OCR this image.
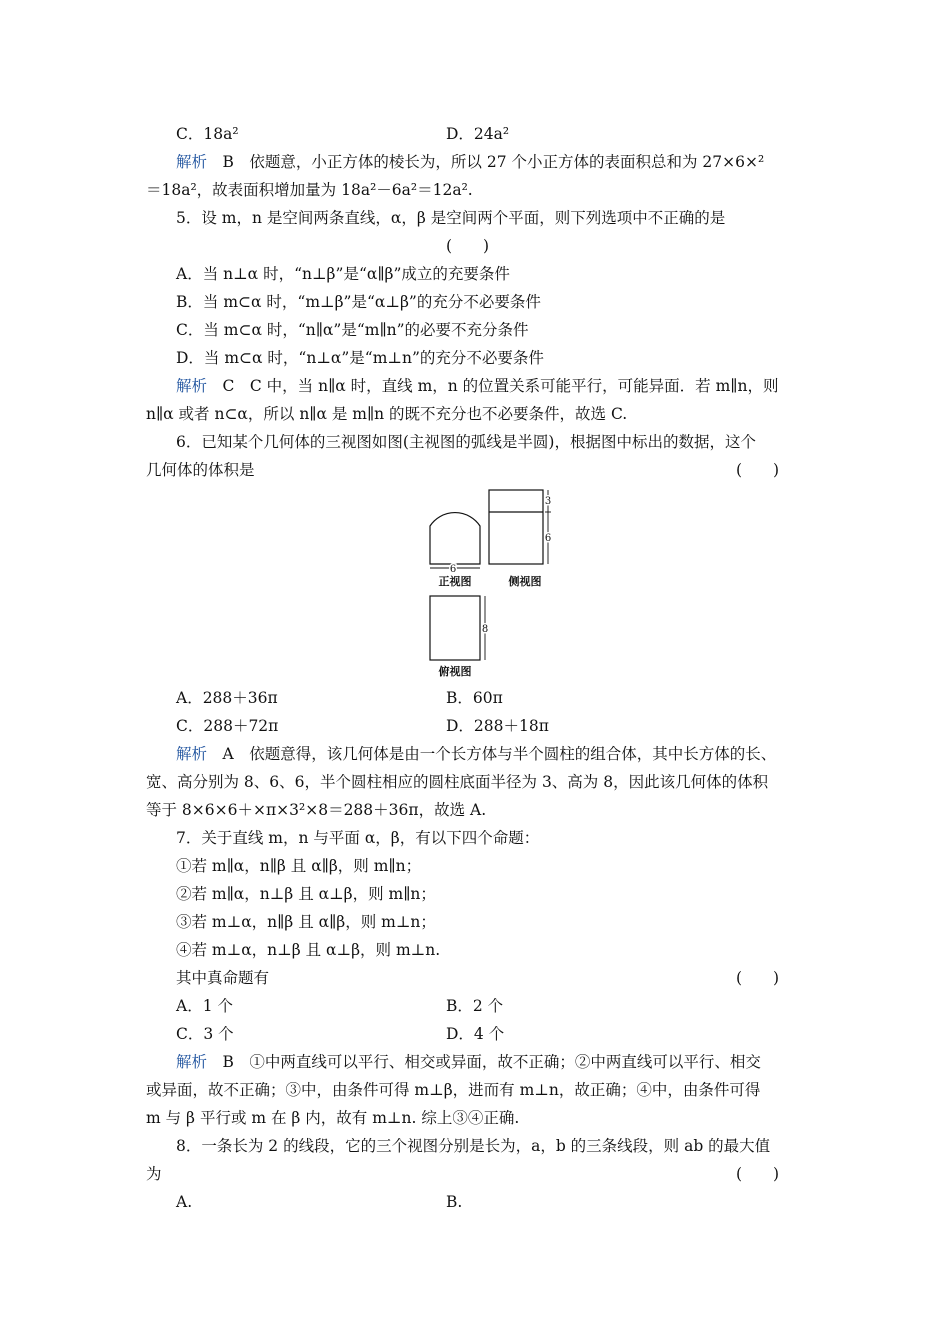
C．18a²	D．24a²
解析　 B　依题意，小正方体的棱长为，所以 27 个小正方体的表面积总和为 27×6×²
＝18a²，故表面积增加量为 18a²－6a²＝12a².
5．设 m，n 是空间两条直线，α，β 是空间两个平面，则下列选项中不正确的是
(　　)
A．当 n⊥α 时，“n⊥β”是“α∥β”成立的充要条件
B．当 m⊂α 时，“m⊥β”是“α⊥β”的充分不必要条件
C．当 m⊂α 时，“n∥α”是“m∥n”的必要不充分条件
D．当 m⊂α 时，“n⊥α”是“m⊥n”的充分不必要条件
解析　 C　C 中，当 n∥α 时，直线 m，n 的位置关系可能平行，可能异面．若 m∥n，则
n∥α 或者 n⊂α，所以 n∥α 是 m∥n 的既不充分也不必要条件，故选 C.
6．已知某个几何体的三视图如图(主视图的弧线是半圆)，根据图中标出的数据，这个
几何体的体积是	(　　)
6
正视图
3
6
侧视图
8
俯视图
A．288＋36π	B．60π
C．288＋72π	D．288＋18π
解析　 A　依题意得，该几何体是由一个长方体与半个圆柱的组合体，其中长方体的长、
宽、高分别为 8、6、6，半个圆柱相应的圆柱底面半径为 3、高为 8，因此该几何体的体积
等于 8×6×6＋×π×3²×8＝288＋36π，故选 A.
7．关于直线 m，n 与平面 α，β，有以下四个命题：
①若 m∥α，n∥β 且 α∥β，则 m∥n；
②若 m∥α，n⊥β 且 α⊥β，则 m∥n；
③若 m⊥α，n∥β 且 α∥β，则 m⊥n；
④若 m⊥α，n⊥β 且 α⊥β，则 m⊥n.
其中真命题有	(　　)
A．1 个	B．2 个
C．3 个	D．4 个
解析　 B　①中两直线可以平行、相交或异面，故不正确；②中两直线可以平行、相交
或异面，故不正确；③中，由条件可得 m⊥β，进而有 m⊥n，故正确；④中，由条件可得
m 与 β 平行或 m 在 β 内，故有 m⊥n. 综上③④正确.
8．一条长为 2 的线段，它的三个视图分别是长为，a，b 的三条线段，则 ab 的最大值
为	(　　)
A.	B.
